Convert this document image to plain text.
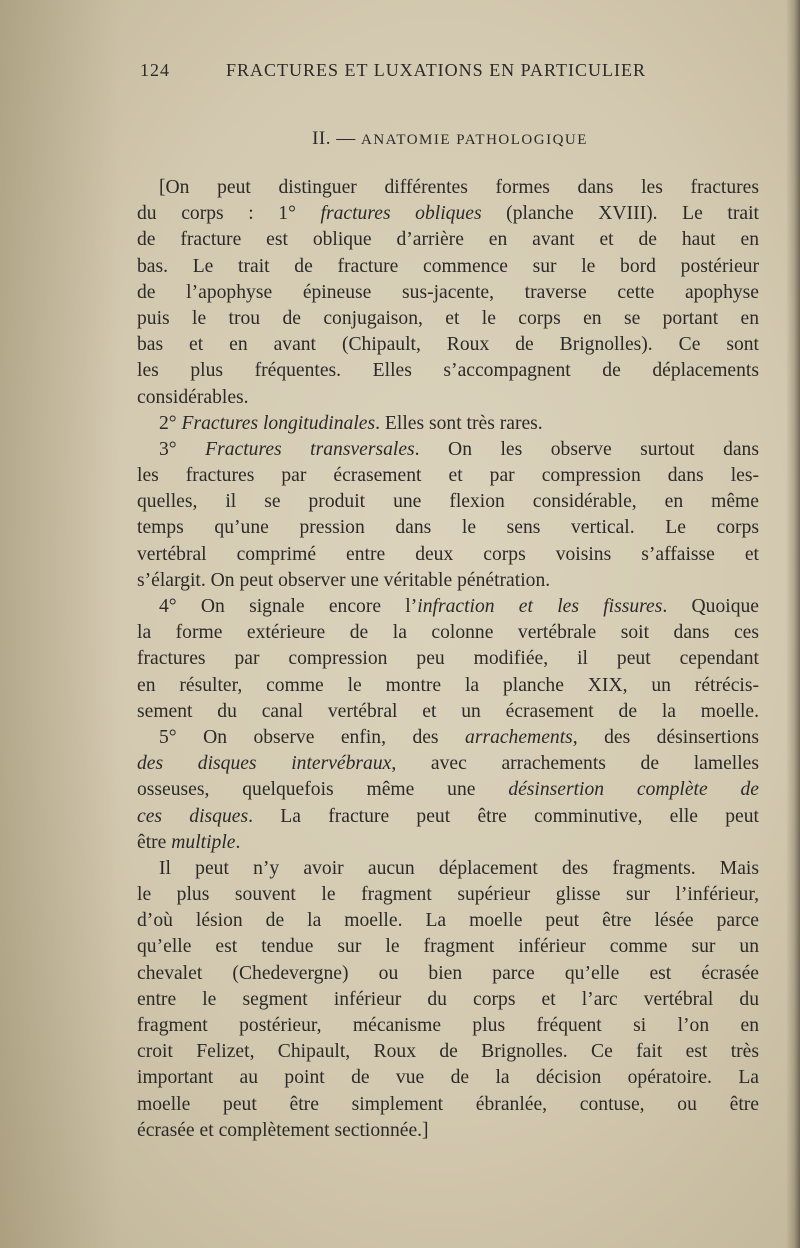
124	FRACTURES ET LUXATIONS EN PARTICULIER
II. — ANATOMIE PATHOLOGIQUE
[On peut distinguer différentes formes dans les fractures
du corps : 1° fractures obliques (planche XVIII). Le trait
de fracture est oblique d’arrière en avant et de haut en
bas. Le trait de fracture commence sur le bord postérieur
de l’apophyse épineuse sus-jacente, traverse cette apophyse
puis le trou de conjugaison, et le corps en se portant en
bas et en avant (Chipault, Roux de Brignolles). Ce sont
les plus fréquentes. Elles s’accompagnent de déplacements
considérables.
2° Fractures longitudinales. Elles sont très rares.
3° Fractures transversales. On les observe surtout dans
les fractures par écrasement et par compression dans les-
quelles, il se produit une flexion considérable, en même
temps qu’une pression dans le sens vertical. Le corps
vertébral comprimé entre deux corps voisins s’affaisse et
s’élargit. On peut observer une véritable pénétration.
4° On signale encore l’infraction et les fissures. Quoique
la forme extérieure de la colonne vertébrale soit dans ces
fractures par compression peu modifiée, il peut cependant
en résulter, comme le montre la planche XIX, un rétrécis-
sement du canal vertébral et un écrasement de la moelle.
5° On observe enfin, des arrachements, des désinsertions
des disques intervébraux, avec arrachements de lamelles
osseuses, quelquefois même une désinsertion complète de
ces disques. La fracture peut être comminutive, elle peut
être multiple.
Il peut n’y avoir aucun déplacement des fragments. Mais
le plus souvent le fragment supérieur glisse sur l’inférieur,
d’où lésion de la moelle. La moelle peut être lésée parce
qu’elle est tendue sur le fragment inférieur comme sur un
chevalet (Chedevergne) ou bien parce qu’elle est écrasée
entre le segment inférieur du corps et l’arc vertébral du
fragment postérieur, mécanisme plus fréquent si l’on en
croit Felizet, Chipault, Roux de Brignolles. Ce fait est très
important au point de vue de la décision opératoire. La
moelle peut être simplement ébranlée, contuse, ou être
écrasée et complètement sectionnée.]
